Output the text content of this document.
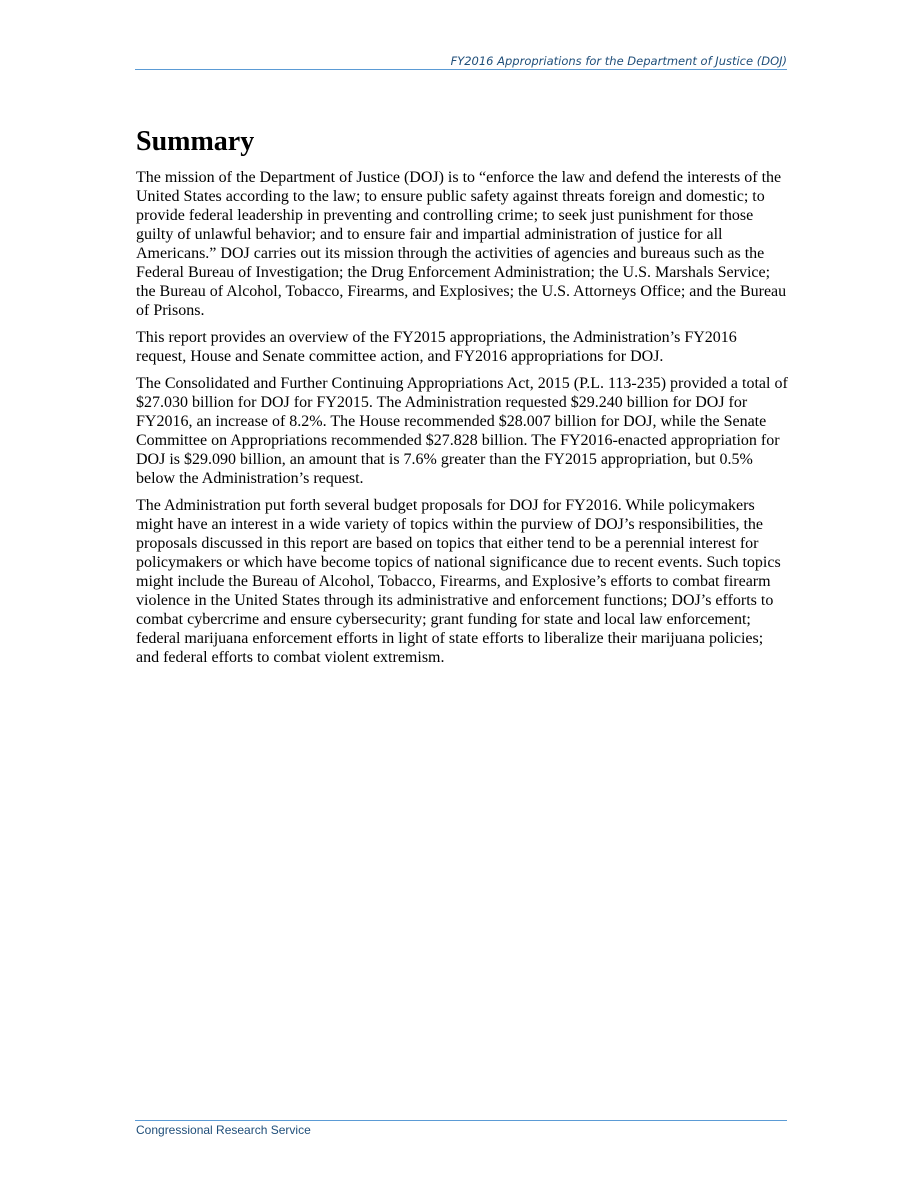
FY2016 Appropriations for the Department of Justice (DOJ)
Summary

The mission of the Department of Justice (DOJ) is to “enforce the law and defend the interests of the United States according to the law; to ensure public safety against threats foreign and domestic; to provide federal leadership in preventing and controlling crime; to seek just punishment for those guilty of unlawful behavior; and to ensure fair and impartial administration of justice for all Americans.” DOJ carries out its mission through the activities of agencies and bureaus such as the Federal Bureau of Investigation; the Drug Enforcement Administration; the U.S. Marshals Service; the Bureau of Alcohol, Tobacco, Firearms, and Explosives; the U.S. Attorneys Office; and the Bureau of Prisons.

This report provides an overview of the FY2015 appropriations, the Administration’s FY2016 request, House and Senate committee action, and FY2016 appropriations for DOJ.

The Consolidated and Further Continuing Appropriations Act, 2015 (P.L. 113-235) provided a total of $27.030 billion for DOJ for FY2015. The Administration requested $29.240 billion for DOJ for FY2016, an increase of 8.2%. The House recommended $28.007 billion for DOJ, while the Senate Committee on Appropriations recommended $27.828 billion. The FY2016-enacted appropriation for DOJ is $29.090 billion, an amount that is 7.6% greater than the FY2015 appropriation, but 0.5% below the Administration’s request.

The Administration put forth several budget proposals for DOJ for FY2016. While policymakers might have an interest in a wide variety of topics within the purview of DOJ’s responsibilities, the proposals discussed in this report are based on topics that either tend to be a perennial interest for policymakers or which have become topics of national significance due to recent events. Such topics might include the Bureau of Alcohol, Tobacco, Firearms, and Explosive’s efforts to combat firearm violence in the United States through its administrative and enforcement functions; DOJ’s efforts to combat cybercrime and ensure cybersecurity; grant funding for state and local law enforcement; federal marijuana enforcement efforts in light of state efforts to liberalize their marijuana policies; and federal efforts to combat violent extremism.

Congressional Research Service
